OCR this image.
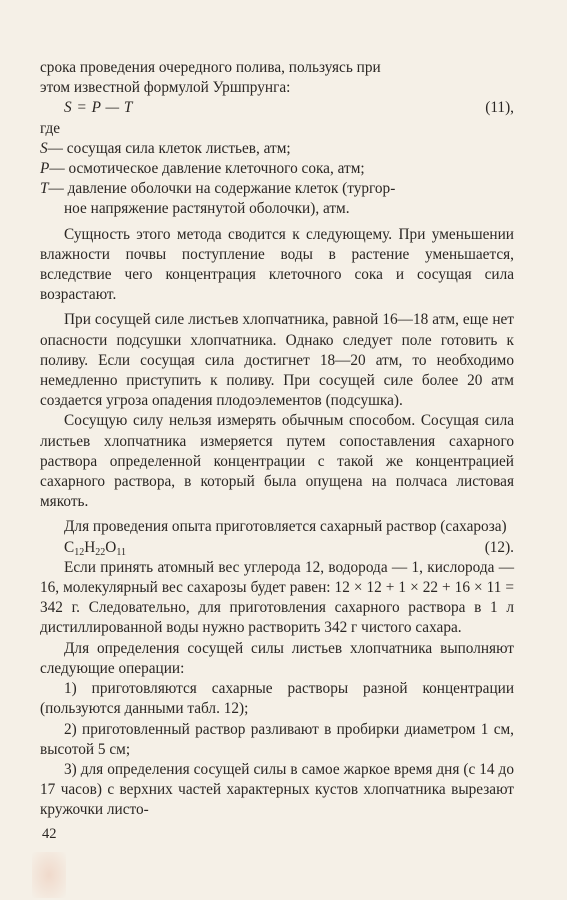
срока проведения очередного полива, пользуясь при

этом известной формулой Уршпрунга:

S = P — T	(11),

где

S — сосущая сила клеток листьев, атм;
P — осмотическое давление клеточного сока, атм;
T — давление оболочки на содержание клеток (тургор-

ное напряжение растянутой оболочки), атм.

Сущность этого метода сводится к следующему. При уменьшении влажности почвы поступление воды в растение уменьшается, вследствие чего концентрация клеточного сока и сосущая сила возрастают.

При сосущей силе листьев хлопчатника, равной 16—18 атм, еще нет опасности подсушки хлопчатника. Однако следует поле готовить к поливу. Если сосущая сила достигнет 18—20 атм, то необходимо немедленно приступить к поливу. При сосущей силе более 20 атм создается угроза опадения плодоэлементов (подсушка).

Сосущую силу нельзя измерять обычным способом. Сосущая сила листьев хлопчатника измеряется путем сопоставления сахарного раствора определенной концентрации с такой же концентрацией сахарного раствора, в который была опущена на полчаса листовая мякоть.

Для проведения опыта приготовляется сахарный раствор (сахароза)

$C_{12}H_{22}O_{11}$	(12).

Если принять атомный вес углерода 12, водорода — 1, кислорода — 16, молекулярный вес сахарозы будет равен: 12 × 12 + 1 × 22 + 16 × 11 = 342 г. Следовательно, для приготовления сахарного раствора в 1 л дистиллированной воды нужно растворить 342 г чистого сахара.

Для определения сосущей силы листьев хлопчатника выполняют следующие операции:

1) приготовляются сахарные растворы разной концентрации (пользуются данными табл. 12);

2) приготовленный раствор разливают в пробирки диаметром 1 см, высотой 5 см;

3) для определения сосущей силы в самое жаркое время дня (с 14 до 17 часов) с верхних частей характерных кустов хлопчатника вырезают кружочки листо-

42
